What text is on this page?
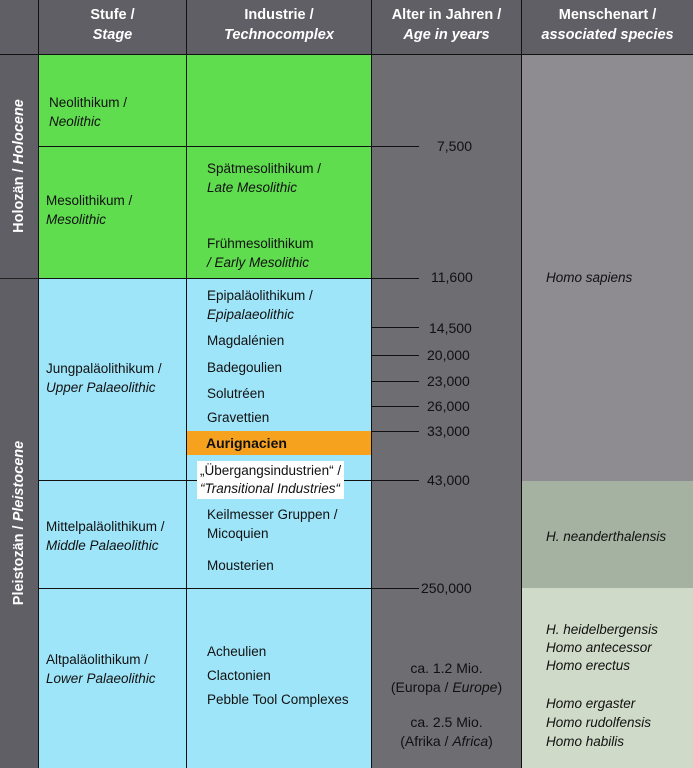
Stufe /
Stage
Industrie /
Technocomplex
Alter in Jahren /
Age in years
Menschenart /
associated species
Holozän / Holocene
Pleistozän / Pleistocene
Neolithikum /
Neolithic
Mesolithikum /
Mesolithic
Jungpaläolithikum /
Upper Palaeolithic
Mittelpaläolithikum /
Middle Palaeolithic
Altpaläolithikum /
Lower Palaeolithic
Spätmesolithikum /
Late Mesolithic
Frühmesolithikum
/ Early Mesolithic
Epipaläolithikum /
Epipalaeolithic
Magdalénien
Badegoulien
Solutréen
Gravettien
Aurignacien
„Übergangsindustrien“ /
“Transitional Industries“
Keilmesser Gruppen /
Micoquien
Mousterien
Acheulien
Clactonien
Pebble Tool Complexes
7,500
11,600
14,500
20,000
23,000
26,000
33,000
43,000
250,000
ca. 1.2 Mio.
(Europa / Europe)
ca. 2.5 Mio.
(Afrika / Africa)
Homo sapiens
H. neanderthalensis
H. heidelbergensis
Homo antecessor
Homo erectus
Homo ergaster
Homo rudolfensis
Homo habilis
